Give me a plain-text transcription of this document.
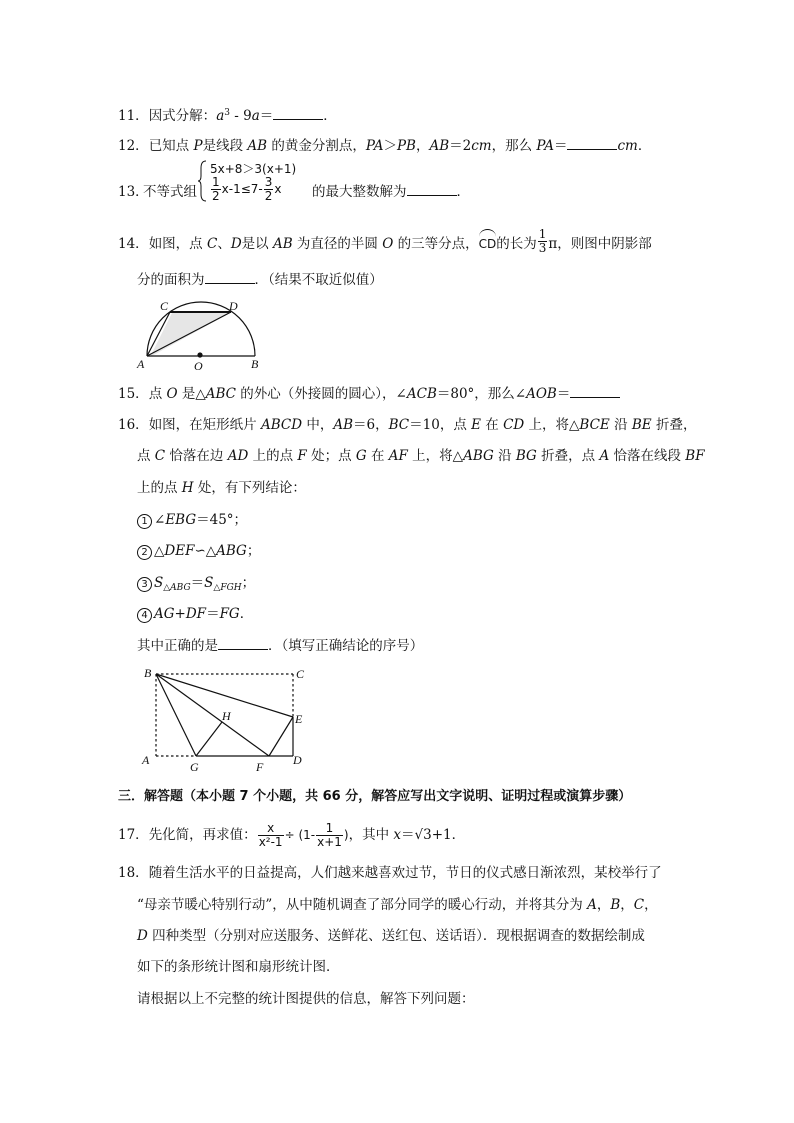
11．因式分解：$a^3 - 9a=$	．
12．已知点 P是线段 AB 的黄金分割点，PA＞PB，AB＝2cm，那么 PA＝	cm．
13．
不等式组
5x+8＞3(x+1)
$\frac{1}{2} x-1\le 7- \frac{3}{2}$ x 的最大整数解为	．
14．如图，点 C、D是以 AB 为直径的半圆 O 的三等分点，CD的长为 $\frac{1}{3}$ π，则图中阴影部
分的面积为	．（结果不取近似值）
A	B
C	D
O
15．点 O 是△ABC 的外心（外接圆的圆心），∠ACB＝80°，那么∠AOB＝
16．如图，在矩形纸片 ABCD 中，AB＝6，BC＝10，点 E 在 CD 上，将△BCE 沿 BE 折叠，
点 C 恰落在边 AD 上的点 F 处；点 G 在 AF 上，将△ABG 沿 BG 折叠，点 A 恰落在线段 BF
上的点 H 处，有下列结论：
1 ∠EBG＝45°；
2 △DEF∽△ABG；
3 $S_{\triangle ABG}=S_{\triangle FGH}$；
4 AG+DF＝FG．
其中正确的是	．（填写正确结论的序号）
B	C
E
H
A	G	F D
三．解答题（本小题 7 个小题，共 66 分，解答应写出文字说明、证明过程或演算步骤）
17．先化简，再求值： $\frac{x}{\text{x²-1}} \div (1- \frac{1}{x+1}$ )，其中 x＝√3+1．
18．随着生活水平的日益提高，人们越来越喜欢过节，节日的仪式感日渐浓烈，某校举行了
“母亲节暖心特别行动”，从中随机调查了部分同学的暖心行动，并将其分为 A，B，C，
D 四种类型（分别对应送服务、送鲜花、送红包、送话语）．现根据调查的数据绘制成
如下的条形统计图和扇形统计图．
请根据以上不完整的统计图提供的信息，解答下列问题：
